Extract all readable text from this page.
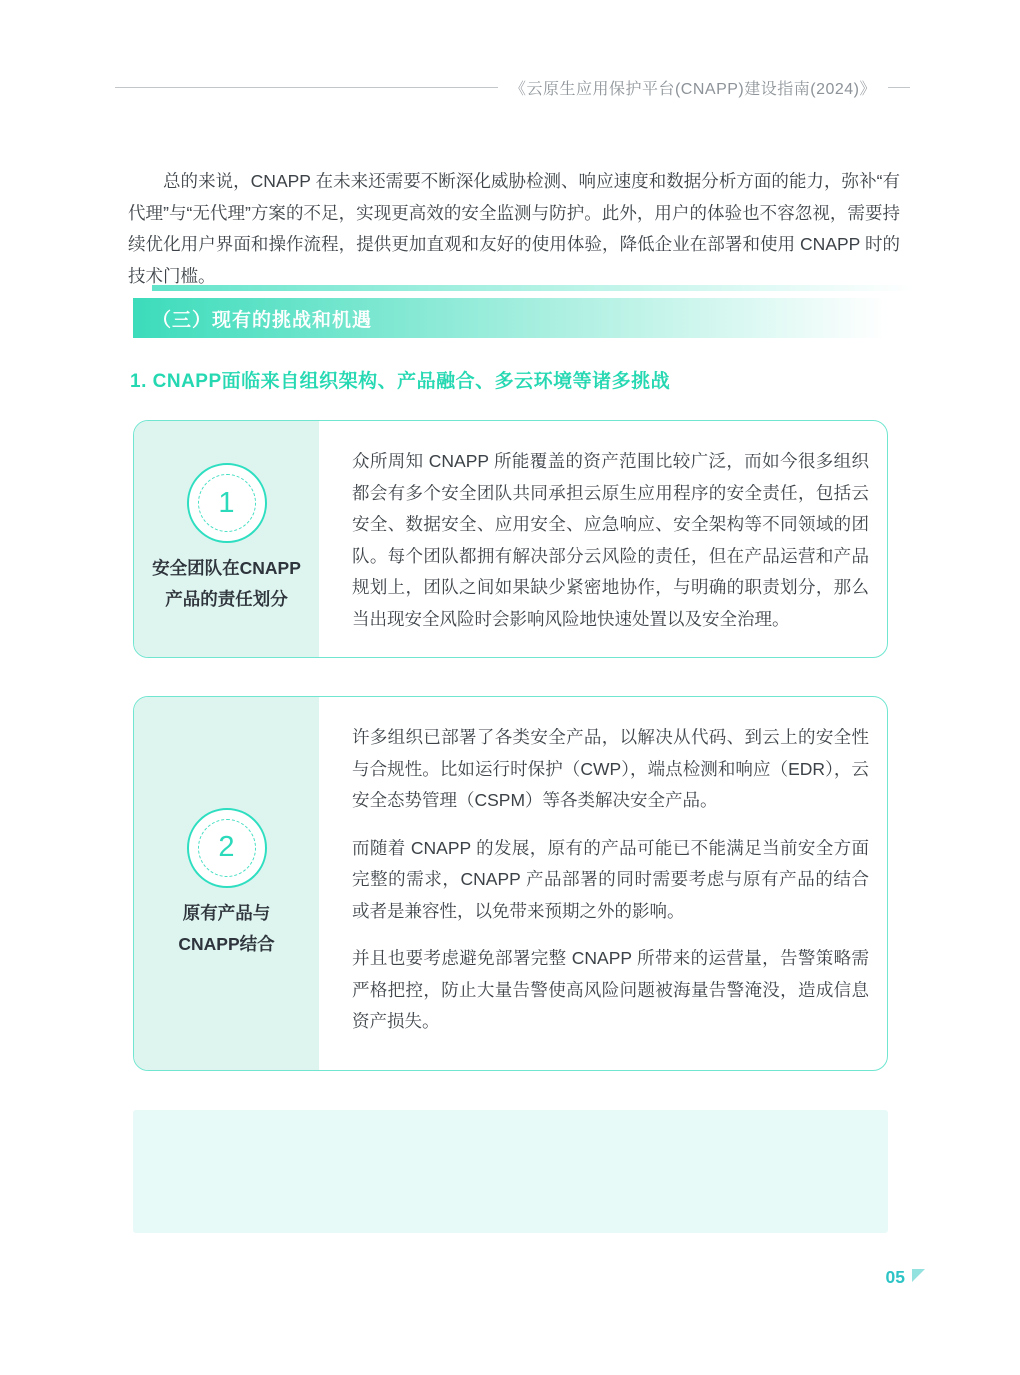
《云原生应用保护平台(CNAPP)建设指南(2024)》

总的来说，CNAPP 在未来还需要不断深化威胁检测、响应速度和数据分析方面的能力，弥补“有代理”与“无代理”方案的不足，实现更高效的安全监测与防护。此外，用户的体验也不容忽视，需要持续优化用户界面和操作流程，提供更加直观和友好的使用体验，降低企业在部署和使用 CNAPP 时的技术门槛。

（三）现有的挑战和机遇
1. CNAPP面临来自组织架构、产品融合、多云环境等诸多挑战
1
安全团队在CNAPP
产品的责任划分

众所周知 CNAPP 所能覆盖的资产范围比较广泛，而如今很多组织都会有多个安全团队共同承担云原生应用程序的安全责任，包括云安全、数据安全、应用安全、应急响应、安全架构等不同领域的团队。每个团队都拥有解决部分云风险的责任，但在产品运营和产品规划上，团队之间如果缺少紧密地协作，与明确的职责划分，那么当出现安全风险时会影响风险地快速处置以及安全治理。

2
原有产品与
CNAPP结合

许多组织已部署了各类安全产品，以解决从代码、到云上的安全性与合规性。比如运行时保护（CWP），端点检测和响应（EDR），云安全态势管理（CSPM）等各类解决安全产品。

而随着 CNAPP 的发展，原有的产品可能已不能满足当前安全方面完整的需求，CNAPP 产品部署的同时需要考虑与原有产品的结合或者是兼容性，以免带来预期之外的影响。

并且也要考虑避免部署完整 CNAPP 所带来的运营量，告警策略需严格把控，防止大量告警使高风险问题被海量告警淹没，造成信息资产损失。

05
